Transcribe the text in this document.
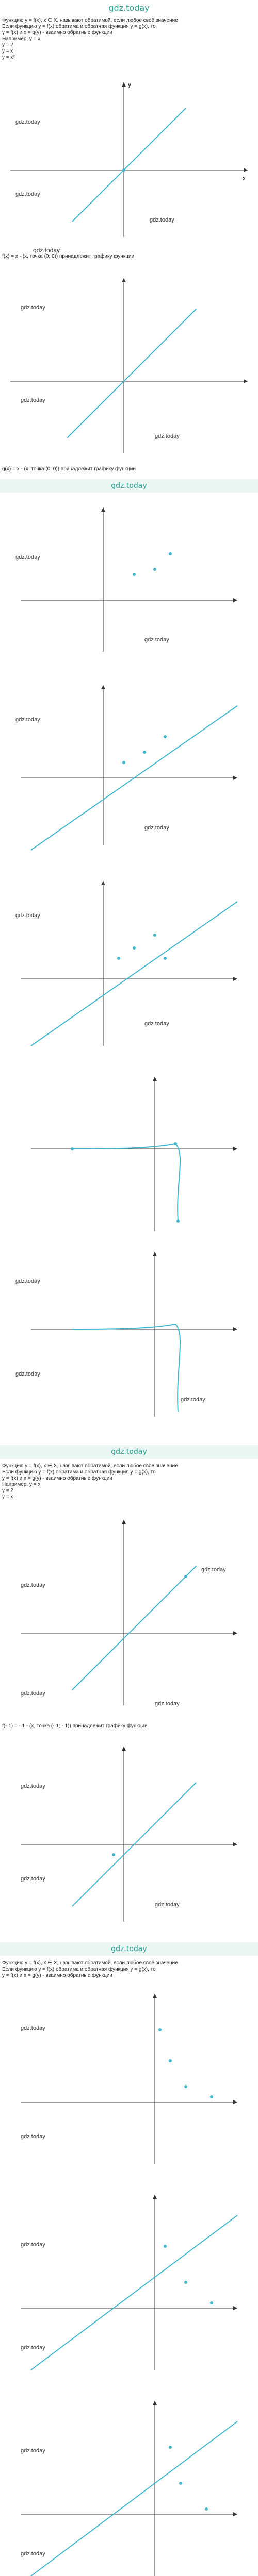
gdz.today
Функцию y = f(x), x ∈ X, называют обратимой, если любое своё значение
Если функцию y = f(x) обратима и обратная функция y = g(x), то
y = f(x) и x = g(y) - взаимно обратные функции
Например, y = x
y = 2
y = x
y = x²
x
y
gdz.today
gdz.today
gdz.today
gdz.today
f(x) = x - (x, точка (0; 0)) принадлежит графику функции
gdz.today
gdz.today
gdz.today
g(x) = x - (x, точка (0; 0)) принадлежит графику функции
gdz.today
gdz.today
gdz.today
gdz.today
gdz.today
gdz.today
gdz.today
gdz.today
gdz.today
gdz.today
gdz.today
Функцию y = f(x), x ∈ X, называют обратимой, если любое своё значение
Если функцию y = f(x) обратима и обратная функция y = g(x), то
y = f(x) и x = g(y) - взаимно обратные функции
Например, y = x
y = 2
y = x
gdz.today
gdz.today
gdz.today
gdz.today
f(- 1) = - 1 - (x, точка (- 1; - 1)) принадлежит графику функции
gdz.today
gdz.today
gdz.today
gdz.today
Функцию y = f(x), x ∈ X, называют обратимой, если любое своё значение
Если функцию y = f(x) обратима и обратная функция y = g(x), то
y = f(x) и x = g(y) - взаимно обратные функции
gdz.today
gdz.today
gdz.today
gdz.today
gdz.today
gdz.today
